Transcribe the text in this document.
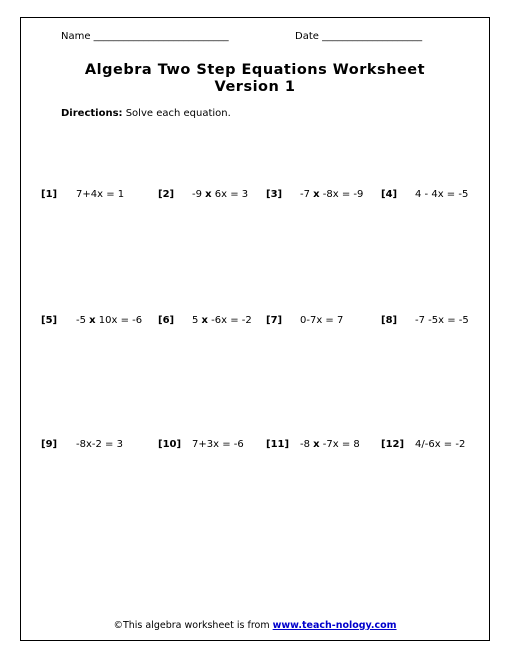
Name ___________________________	Date ____________________
Algebra Two Step Equations Worksheet
Version 1
Directions: Solve each equation.
[1] 7+4x = 1	[2] -9 x 6x = 3 [3] -7 x -8x = -9 [4] 4 - 4x = -5
[5] -5 x 10x = -6 [6] 5 x -6x = -2 [7] 0-7x = 7	[8] -7 -5x = -5
[9] -8x-2 = 3	[10] 7+3x = -6 [11] -8 x -7x = 8 [12] 4/-6x = -2
©This algebra worksheet is from www.teach-nology.com
